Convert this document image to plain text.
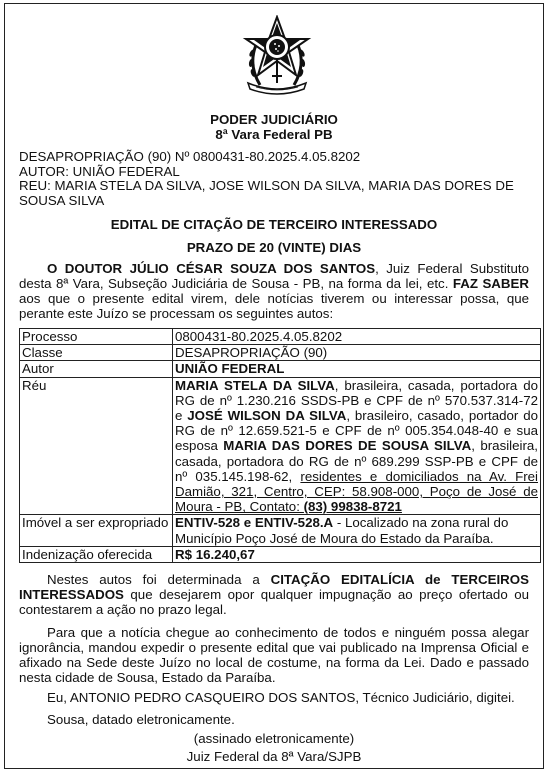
PODER JUDICIÁRIO
8ª Vara Federal PB
DESAPROPRIAÇÃO (90) Nº 0800431-80.2025.4.05.8202
AUTOR: UNIÃO FEDERAL
REU: MARIA STELA DA SILVA, JOSE WILSON DA SILVA, MARIA DAS DORES DE SOUSA SILVA
EDITAL DE CITAÇÃO DE TERCEIRO INTERESSADO
PRAZO DE 20 (VINTE) DIAS
O DOUTOR JÚLIO CÉSAR SOUZA DOS SANTOS, Juiz Federal Substituto desta 8ª Vara, Subseção Judiciária de Sousa - PB, na forma da lei, etc. FAZ SABER aos que o presente edital virem, dele notícias tiverem ou interessar possa, que perante este Juízo se processam os seguintes autos:
Processo	0800431-80.2025.4.05.8202
Classe	DESAPROPRIAÇÃO (90)
Autor	UNIÃO FEDERAL
Réu	MARIA STELA DA SILVA, brasileira, casada, portadora do RG de nº 1.230.216 SSDS-PB e CPF de nº 570.537.314-72 e JOSÉ WILSON DA SILVA, brasileiro, casado, portador do RG de nº 12.659.521-5 e CPF de nº 005.354.048-40 e sua esposa MARIA DAS DORES DE SOUSA SILVA, brasileira, casada, portadora do RG de nº 689.299 SSP-PB e CPF de nº 035.145.198-62, residentes e domiciliados na Av. Frei Damião, 321, Centro, CEP: 58.908-000, Poço de José de Moura - PB, Contato: (83) 99838-8721
Imóvel a ser expropriado	ENTIV-528 e ENTIV-528.A - Localizado na zona rural do Município Poço José de Moura do Estado da Paraíba.
Indenização oferecida	R$ 16.240,67
Nestes autos foi determinada a CITAÇÃO EDITALÍCIA de TERCEIROS INTERESSADOS que desejarem opor qualquer impugnação ao preço ofertado ou contestarem a ação no prazo legal.
Para que a notícia chegue ao conhecimento de todos e ninguém possa alegar ignorância, mandou expedir o presente edital que vai publicado na Imprensa Oficial e afixado na Sede deste Juízo no local de costume, na forma da Lei. Dado e passado nesta cidade de Sousa, Estado da Paraíba.
Eu, ANTONIO PEDRO CASQUEIRO DOS SANTOS, Técnico Judiciário, digitei.
Sousa, datado eletronicamente.
(assinado eletronicamente)
Juiz Federal da 8ª Vara/SJPB
